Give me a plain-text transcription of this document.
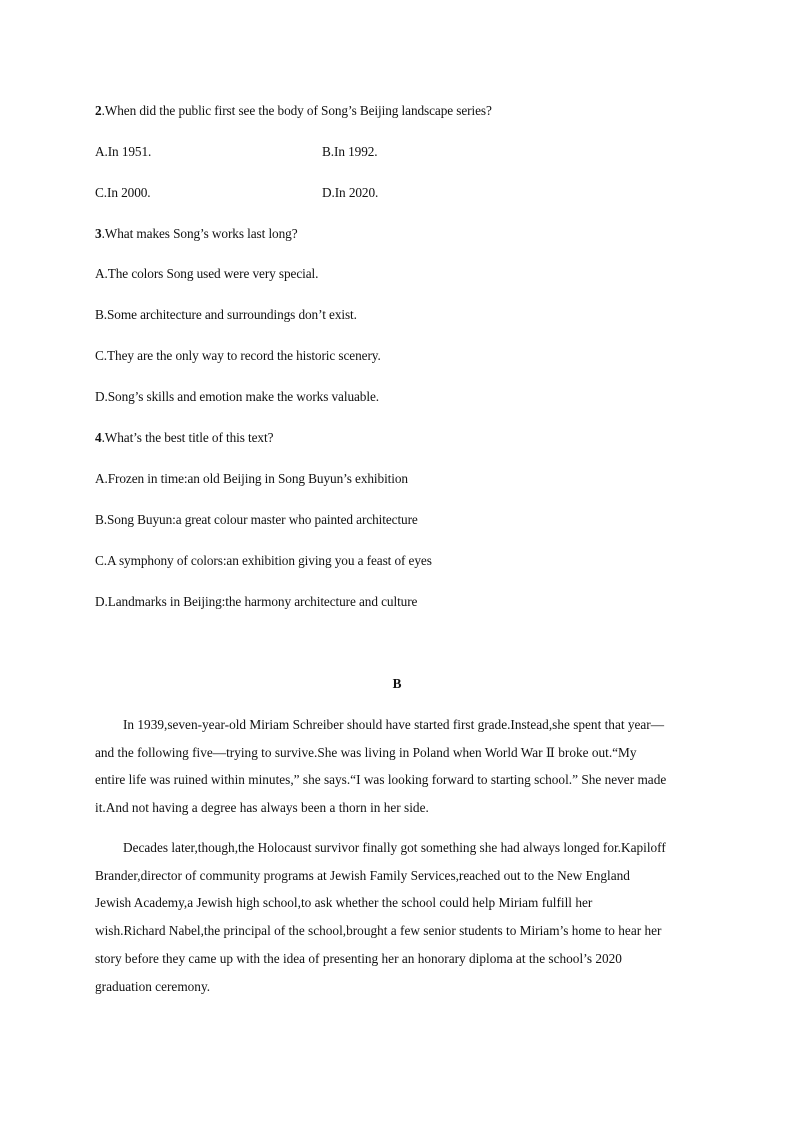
2.When did the public first see the body of Song’s Beijing landscape series?
A.In 1951.	B.In 1992.
C.In 2000.	D.In 2020.
3.What makes Song’s works last long?
A.The colors Song used were very special.
B.Some architecture and surroundings don’t exist.
C.They are the only way to record the historic scenery.
D.Song’s skills and emotion make the works valuable.
4.What’s the best title of this text?
A.Frozen in time:an old Beijing in Song Buyun’s exhibition
B.Song Buyun:a great colour master who painted architecture
C.A symphony of colors:an exhibition giving you a feast of eyes
D.Landmarks in Beijing:the harmony architecture and culture
B
In 1939,seven-year-old Miriam Schreiber should have started first grade.Instead,she spent that year—
and the following five—trying to survive.She was living in Poland when World War Ⅱ broke out.“My
entire life was ruined within minutes,” she says.“I was looking forward to starting school.” She never made
it.And not having a degree has always been a thorn in her side.
Decades later,though,the Holocaust survivor finally got something she had always longed for.Kapiloff
Brander,director of community programs at Jewish Family Services,reached out to the New England
Jewish Academy,a Jewish high school,to ask whether the school could help Miriam fulfill her
wish.Richard Nabel,the principal of the school,brought a few senior students to Miriam’s home to hear her
story before they came up with the idea of presenting her an honorary diploma at the school’s 2020
graduation ceremony.
